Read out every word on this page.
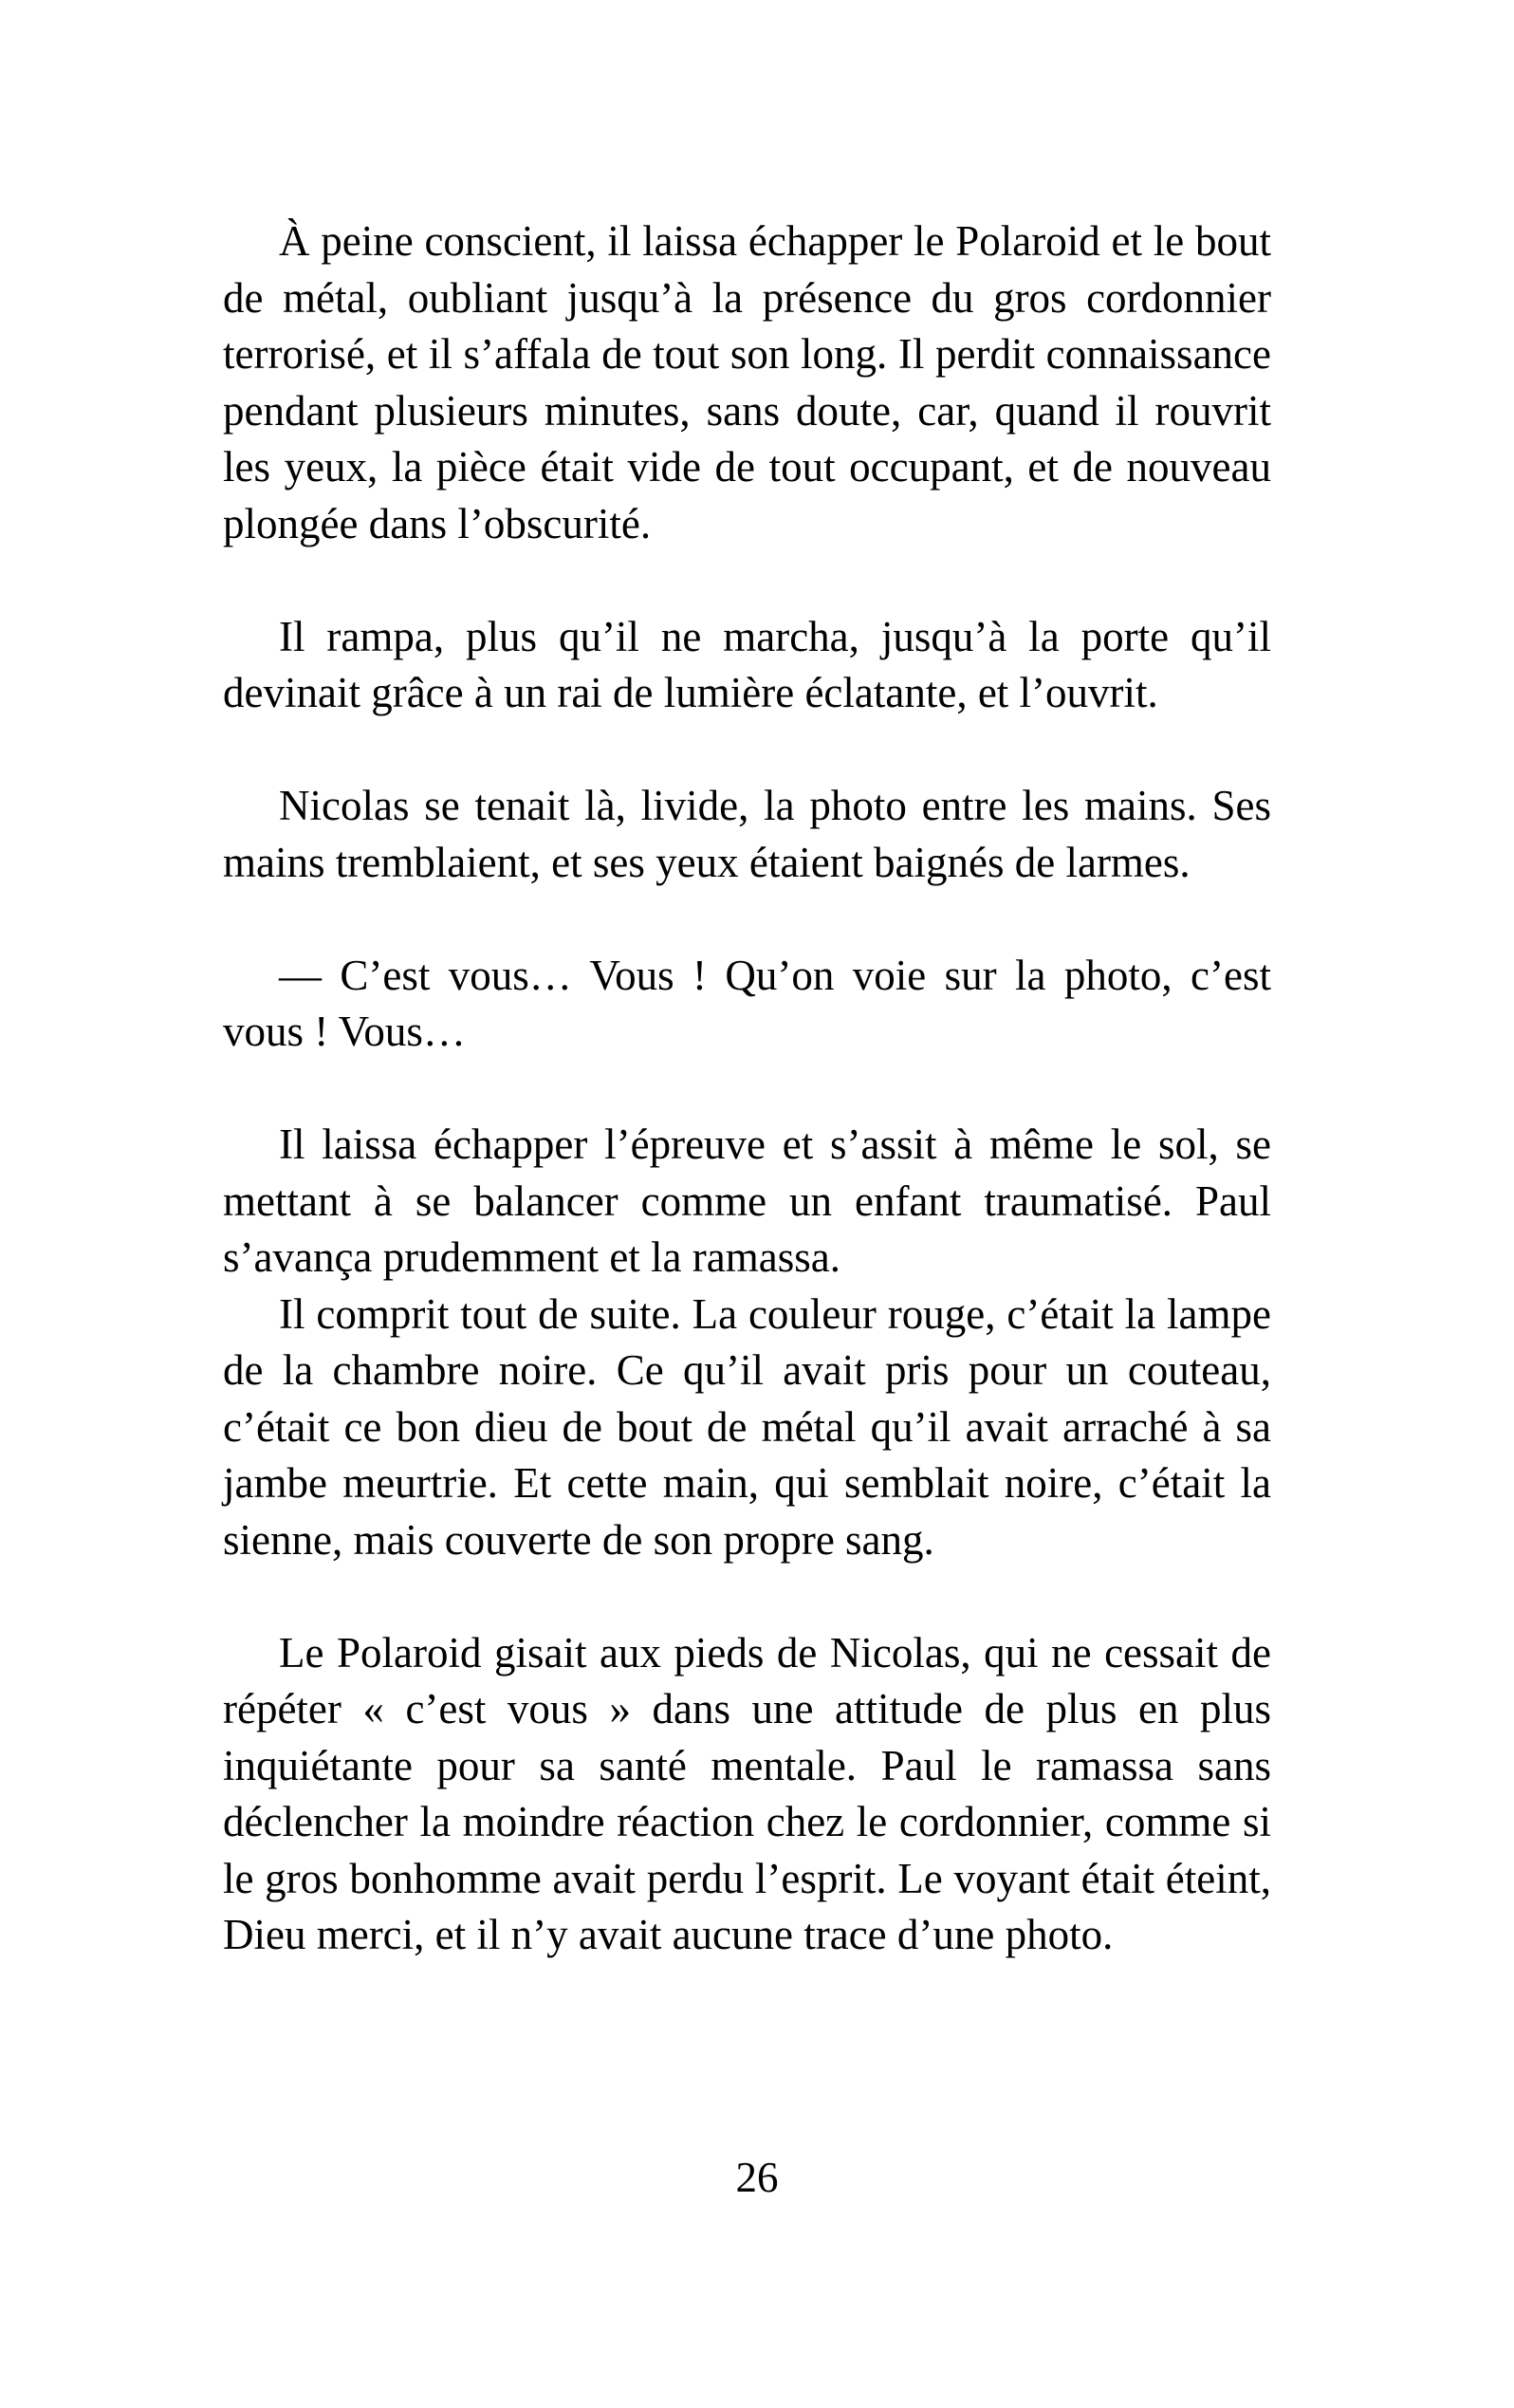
À peine conscient, il laissa échapper le Polaroid et le bout de métal, oubliant jusqu’à la présence du gros cordonnier terrorisé, et il s’affala de tout son long. Il perdit connaissance pendant plusieurs minutes, sans doute, car, quand il rouvrit les yeux, la pièce était vide de tout occupant, et de nouveau plongée dans l’obscurité.

Il rampa, plus qu’il ne marcha, jusqu’à la porte qu’il devinait grâce à un rai de lumière éclatante, et l’ouvrit.

Nicolas se tenait là, livide, la photo entre les mains. Ses mains tremblaient, et ses yeux étaient baignés de larmes.

— C’est vous… Vous ! Qu’on voie sur la photo, c’est vous ! Vous…

Il laissa échapper l’épreuve et s’assit à même le sol, se mettant à se balancer comme un enfant traumatisé. Paul s’avança prudemment et la ramassa.

Il comprit tout de suite. La couleur rouge, c’était la lampe de la chambre noire. Ce qu’il avait pris pour un couteau, c’était ce bon dieu de bout de métal qu’il avait arraché à sa jambe meurtrie. Et cette main, qui semblait noire, c’était la sienne, mais couverte de son propre sang.

Le Polaroid gisait aux pieds de Nicolas, qui ne cessait de répéter « c’est vous » dans une attitude de plus en plus inquiétante pour sa santé mentale. Paul le ramassa sans déclencher la moindre réaction chez le cordonnier, comme si le gros bonhomme avait perdu l’esprit. Le voyant était éteint, Dieu merci, et il n’y avait aucune trace d’une photo.

26
